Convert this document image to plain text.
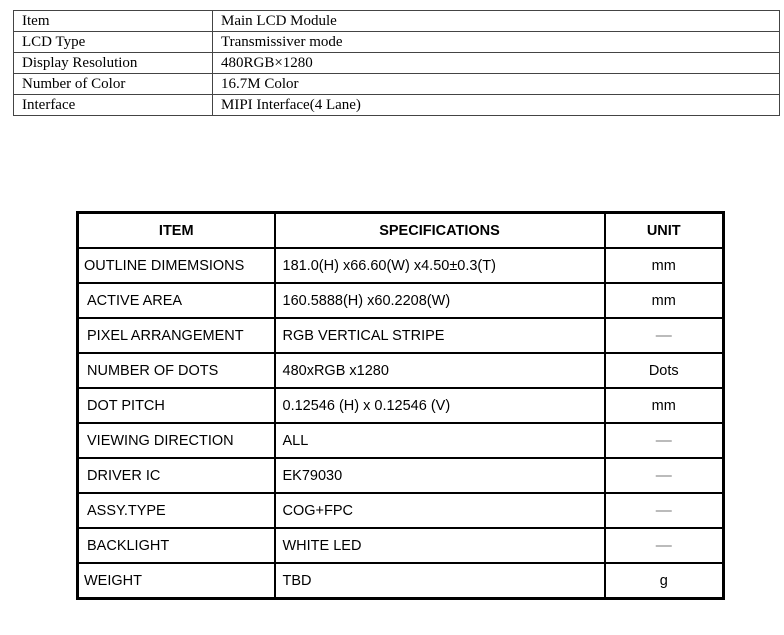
Item	Main LCD Module
LCD Type	Transmissiver mode
Display Resolution	480RGB×1280
Number of Color	16.7M Color
Interface	MIPI Interface(4 Lane)
ITEM	SPECIFICATIONS	UNIT
OUTLINE DIMEMSIONS	181.0(H) x66.60(W) x4.50±0.3(T)	mm
ACTIVE AREA	160.5888(H) x60.2208(W)	mm
PIXEL ARRANGEMENT	RGB VERTICAL STRIPE	—
NUMBER OF DOTS	480xRGB x1280	Dots
DOT PITCH	0.12546 (H) x 0.12546 (V)	mm
VIEWING DIRECTION	ALL	—
DRIVER IC	EK79030	—
ASSY.TYPE	COG+FPC	—
BACKLIGHT	WHITE LED	—
WEIGHT	TBD	g
